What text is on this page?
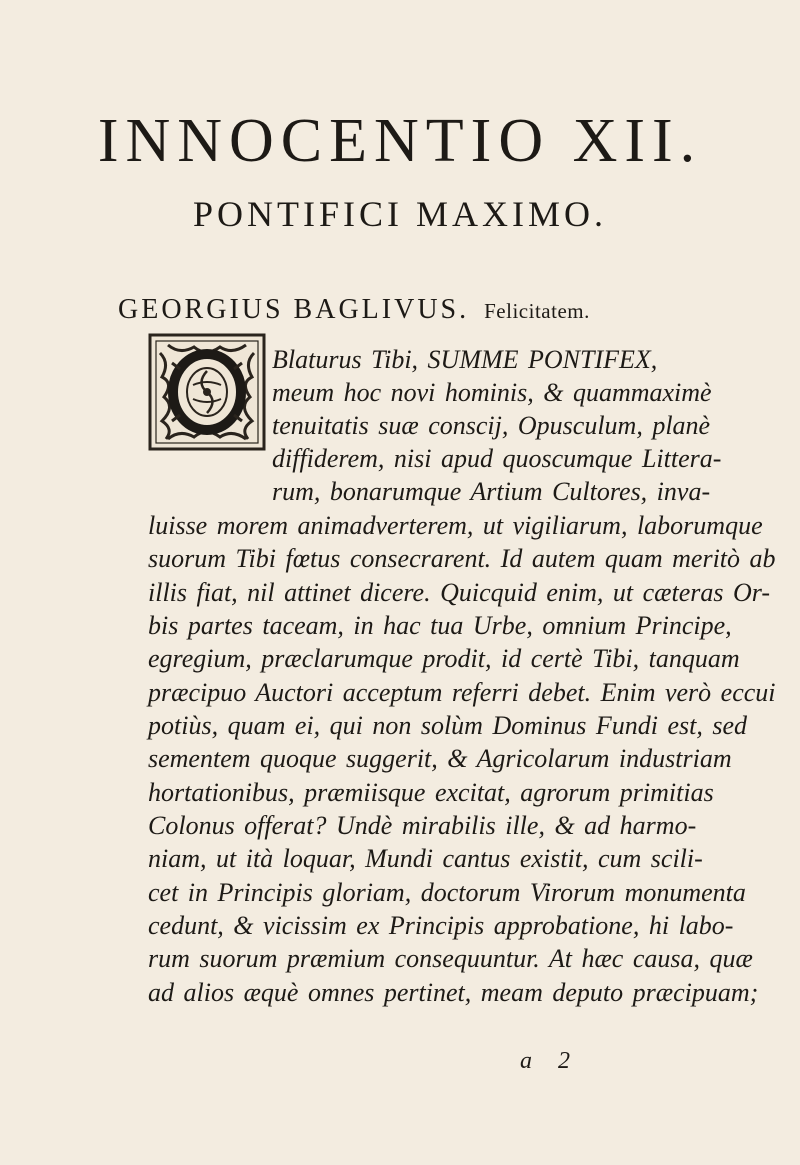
INNOCENTIO XII.
PONTIFICI MAXIMO.
GEORGIUS BAGLIVUS. Felicitatem.
Blaturus Tibi, SUMME PONTIFEX,
meum hoc novi hominis, & quammaximè
tenuitatis suæ conscij, Opusculum, planè
diffiderem, nisi apud quoscumque Littera-
rum, bonarumque Artium Cultores, inva-
luisse morem animadverterem, ut vigiliarum, laborumque
suorum Tibi fœtus consecrarent. Id autem quam meritò ab
illis fiat, nil attinet dicere. Quicquid enim, ut cæteras Or-
bis partes taceam, in hac tua Urbe, omnium Principe,
egregium, præclarumque prodit, id certè Tibi, tanquam
præcipuo Auctori acceptum referri debet. Enim verò eccui
potiùs, quam ei, qui non solùm Dominus Fundi est, sed
sementem quoque suggerit, & Agricolarum industriam
hortationibus, præmiisque excitat, agrorum primitias
Colonus offerat? Undè mirabilis ille, & ad harmo-
niam, ut ità loquar, Mundi cantus existit, cum scili-
cet in Principis gloriam, doctorum Virorum monumenta
cedunt, & vicissim ex Principis approbatione, hi labo-
rum suorum præmium consequuntur. At hæc causa, quæ
ad alios æquè omnes pertinet, meam deputo præcipuam;
a 2
